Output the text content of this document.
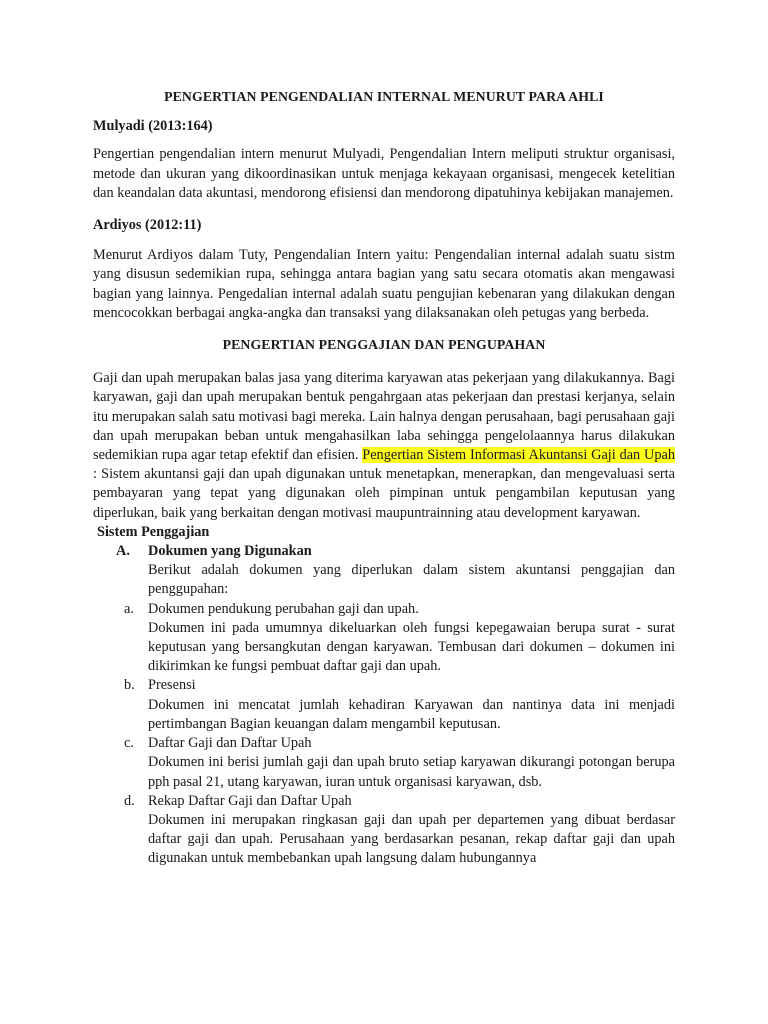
PENGERTIAN PENGENDALIAN INTERNAL MENURUT PARA AHLI
Mulyadi (2013:164)

Pengertian pengendalian intern menurut Mulyadi, Pengendalian Intern meliputi struktur organisasi, metode dan ukuran yang dikoordinasikan untuk menjaga kekayaan organisasi, mengecek ketelitian dan keandalan data akuntasi, mendorong efisiensi dan mendorong dipatuhinya kebijakan manajemen.

Ardiyos (2012:11)

Menurut Ardiyos dalam Tuty, Pengendalian Intern yaitu: Pengendalian internal adalah suatu sistm yang disusun sedemikian rupa, sehingga antara bagian yang satu secara otomatis akan mengawasi bagian yang lainnya. Pengedalian internal adalah suatu pengujian kebenaran yang dilakukan dengan mencocokkan berbagai angka-angka dan transaksi yang dilaksanakan oleh petugas yang berbeda.

PENGERTIAN PENGGAJIAN DAN PENGUPAHAN

Gaji dan upah merupakan balas jasa yang diterima karyawan atas pekerjaan yang dilakukannya. Bagi karyawan, gaji dan upah merupakan bentuk pengahrgaan atas pekerjaan dan prestasi kerjanya, selain itu merupakan salah satu motivasi bagi mereka. Lain halnya dengan perusahaan, bagi perusahaan gaji dan upah merupakan beban untuk mengahasilkan laba sehingga pengelolaannya harus dilakukan sedemikian rupa agar tetap efektif dan efisien. Pengertian Sistem Informasi Akuntansi Gaji dan Upah : Sistem akuntansi gaji dan upah digunakan untuk menetapkan, menerapkan, dan mengevaluasi serta pembayaran yang tepat yang digunakan oleh pimpinan untuk pengambilan keputusan yang diperlukan, baik yang berkaitan dengan motivasi maupuntrainning atau development karyawan.

Sistem Penggajian
A.	Dokumen yang Digunakan

Berikut adalah dokumen yang diperlukan dalam sistem akuntansi penggajian dan penggupahan:

a. Dokumen pendukung perubahan gaji dan upah.

Dokumen ini pada umumnya dikeluarkan oleh fungsi kepegawaian berupa surat - surat keputusan yang bersangkutan dengan karyawan. Tembusan dari dokumen – dokumen ini dikirimkan ke fungsi pembuat daftar gaji dan upah.

b. Presensi

Dokumen ini mencatat jumlah kehadiran Karyawan dan nantinya data ini menjadi pertimbangan Bagian keuangan dalam mengambil keputusan.

c. Daftar Gaji dan Daftar Upah

Dokumen ini berisi jumlah gaji dan upah bruto setiap karyawan dikurangi potongan berupa pph pasal 21, utang karyawan, iuran untuk organisasi karyawan, dsb.

d. Rekap Daftar Gaji dan Daftar Upah

Dokumen ini merupakan ringkasan gaji dan upah per departemen yang dibuat berdasar daftar gaji dan upah. Perusahaan yang berdasarkan pesanan, rekap daftar gaji dan upah digunakan untuk membebankan upah langsung dalam hubungannya
